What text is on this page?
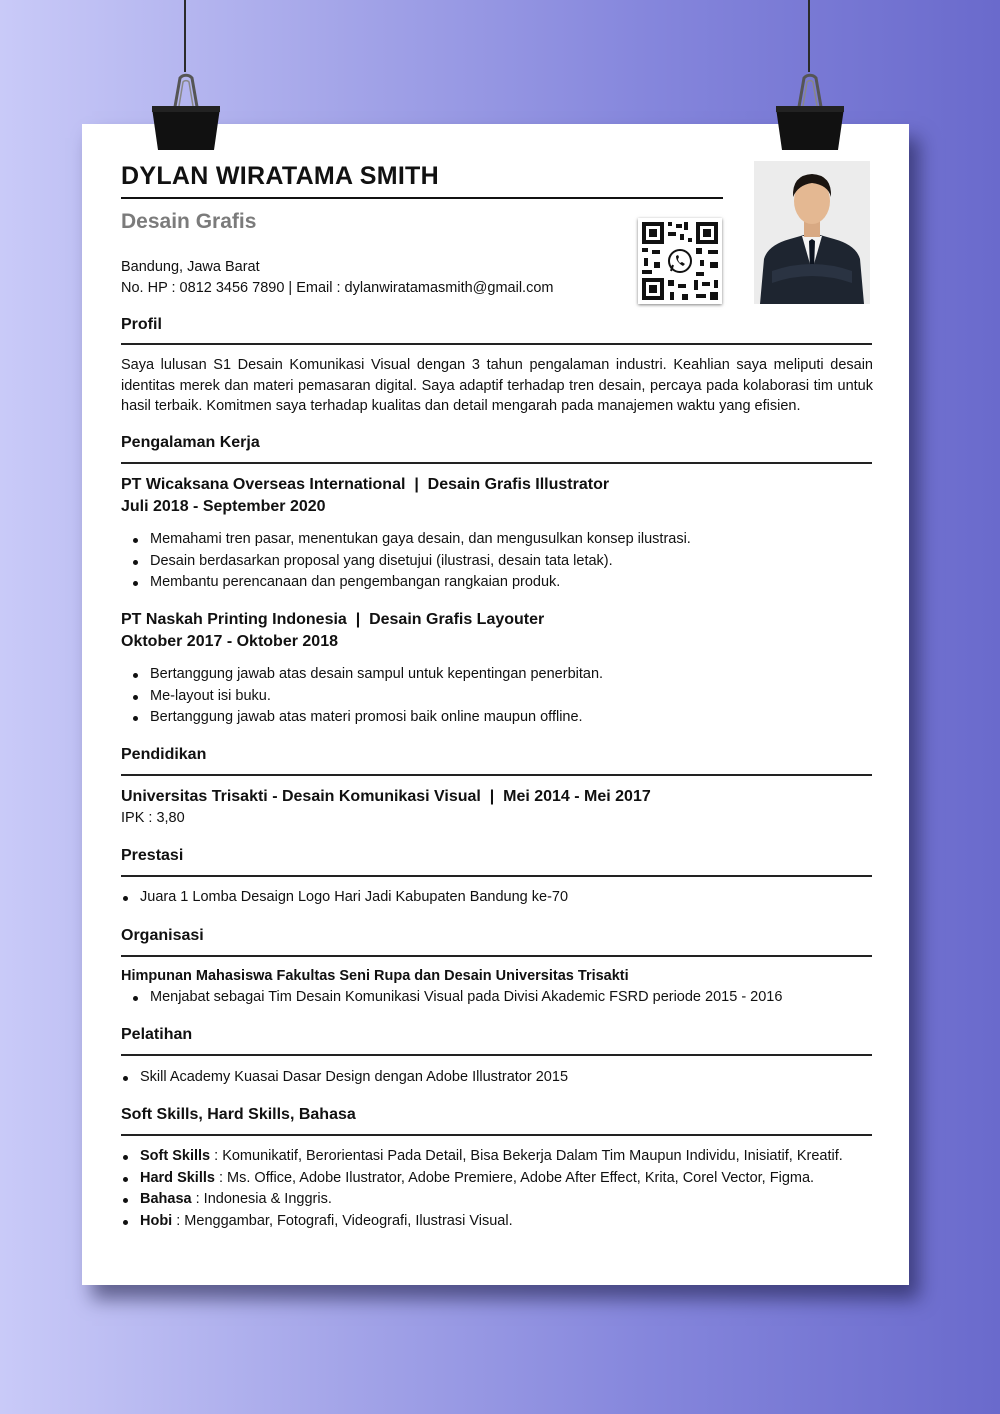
DYLAN WIRATAMA SMITH
Desain Grafis
Bandung, Jawa Barat
No. HP : 0812 3456 7890 | Email : dylanwiratamasmith@gmail.com
Profil
Saya lulusan S1 Desain Komunikasi Visual dengan 3 tahun pengalaman industri. Keahlian saya meliputi desain identitas merek dan materi pemasaran digital. Saya adaptif terhadap tren desain, percaya pada kolaborasi tim untuk hasil terbaik. Komitmen saya terhadap kualitas dan detail mengarah pada manajemen waktu yang efisien.
Pengalaman Kerja
PT Wicaksana Overseas International  |  Desain Grafis Illustrator
Juli 2018 - September 2020
Memahami tren pasar, menentukan gaya desain, dan mengusulkan konsep ilustrasi.
Desain berdasarkan proposal yang disetujui (ilustrasi, desain tata letak).
Membantu perencanaan dan pengembangan rangkaian produk.
PT Naskah Printing Indonesia  |  Desain Grafis Layouter
Oktober 2017 - Oktober 2018
Bertanggung jawab atas desain sampul untuk kepentingan penerbitan.
Me-layout isi buku.
Bertanggung jawab atas materi promosi baik online maupun offline.
Pendidikan
Universitas Trisakti - Desain Komunikasi Visual  |  Mei 2014 - Mei 2017
IPK : 3,80
Prestasi
Juara 1 Lomba Desaign Logo Hari Jadi Kabupaten Bandung ke-70
Organisasi
Himpunan Mahasiswa Fakultas Seni Rupa dan Desain Universitas Trisakti
Menjabat sebagai Tim Desain Komunikasi Visual pada Divisi Akademic FSRD periode 2015 - 2016
Pelatihan
Skill Academy Kuasai Dasar Design dengan Adobe Illustrator 2015
Soft Skills, Hard Skills, Bahasa
Soft Skills : Komunikatif, Berorientasi Pada Detail, Bisa Bekerja Dalam Tim Maupun Individu, Inisiatif, Kreatif.
Hard Skills : Ms. Office, Adobe Ilustrator, Adobe Premiere, Adobe After Effect, Krita, Corel Vector, Figma.
Bahasa : Indonesia & Inggris.
Hobi : Menggambar, Fotografi, Videografi, Ilustrasi Visual.
